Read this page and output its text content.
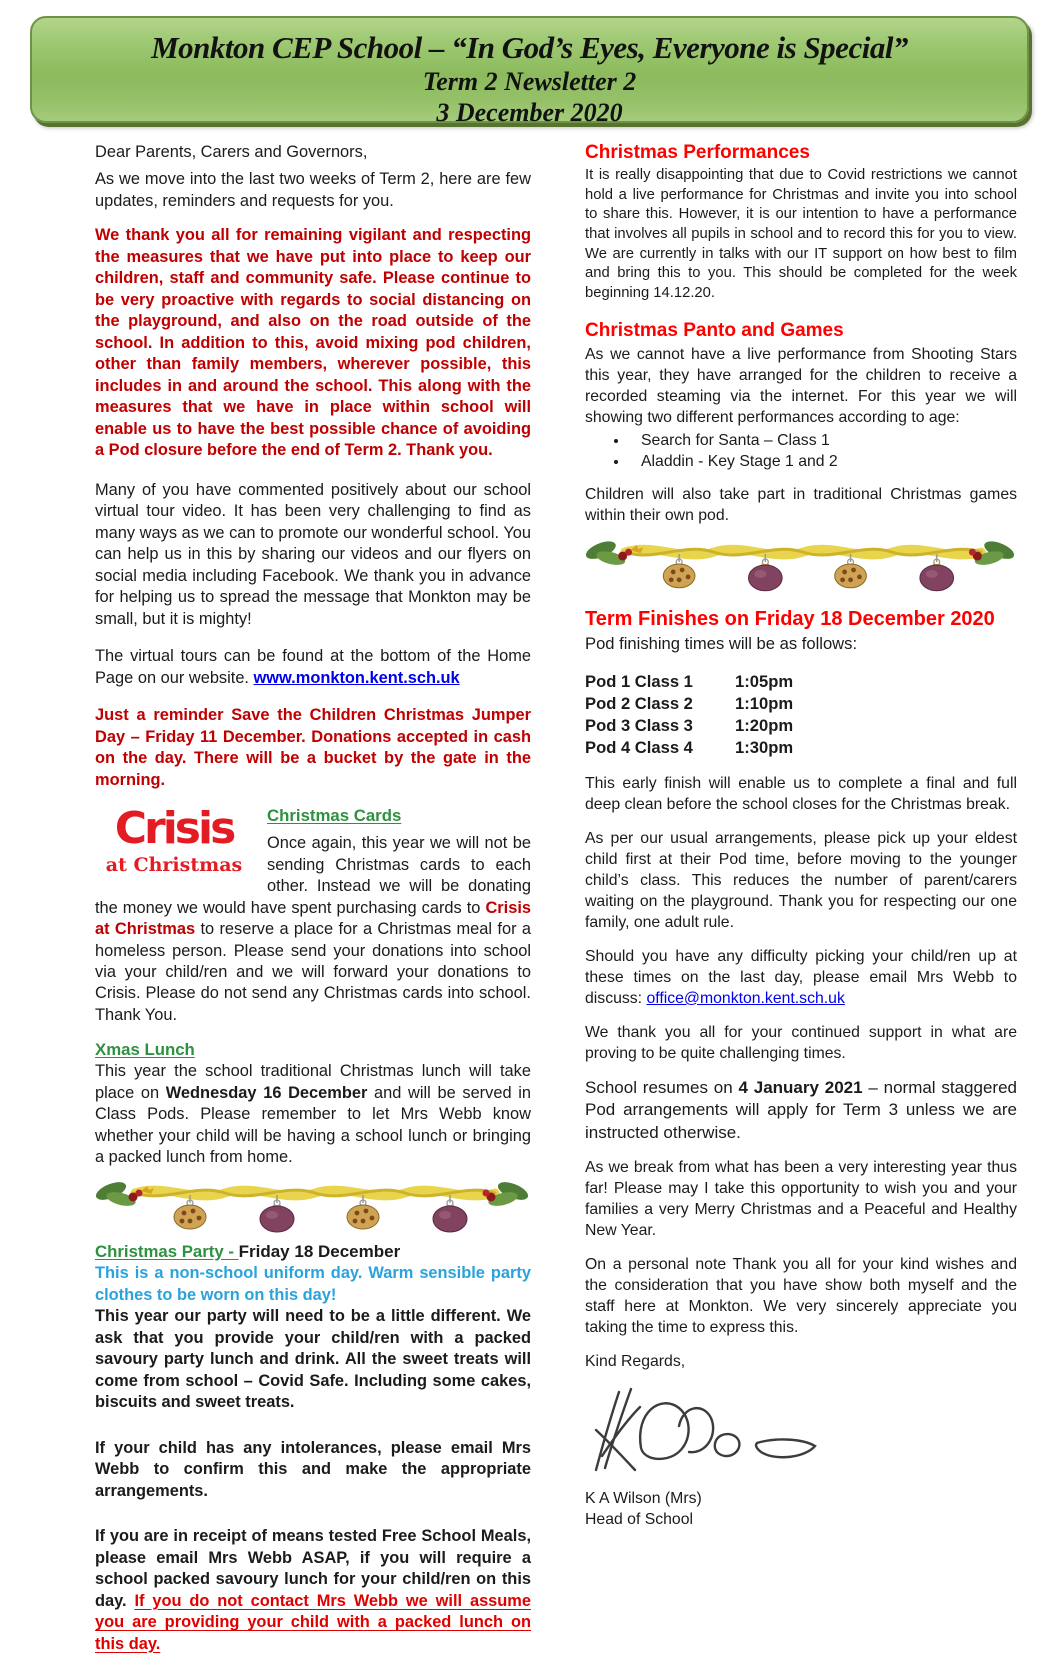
Monkton CEP School – “In God’s Eyes, Everyone is Special”
Term 2 Newsletter 2
3 December 2020

Dear Parents, Carers and Governors,

As we move into the last two weeks of Term 2, here are few updates, reminders and requests for you.

We thank you all for remaining vigilant and respecting the measures that we have put into place to keep our children, staff and community safe. Please continue to be very proactive with regards to social distancing on the playground, and also on the road outside of the school. In addition to this, avoid mixing pod children, other than family members, wherever possible, this includes in and around the school. This along with the measures that we have in place within school will enable us to have the best possible chance of avoiding a Pod closure before the end of Term 2. Thank you.

Many of you have commented positively about our school virtual tour video. It has been very challenging to find as many ways as we can to promote our wonderful school. You can help us in this by sharing our videos and our flyers on social media including Facebook. We thank you in advance for helping us to spread the message that Monkton may be small, but it is mighty!

The virtual tours can be found at the bottom of the Home Page on our website. www.monkton.kent.sch.uk

Just a reminder Save the Children Christmas Jumper Day – Friday 11 December. Donations accepted in cash on the day. There will be a bucket by the gate in the morning.

Crisis
at Christmas

Christmas Cards

Once again, this year we will not be sending Christmas cards to each other. Instead we will be donating the money we would have spent purchasing cards to Crisis at Christmas to reserve a place for a Christmas meal for a homeless person. Please send your donations into school via your child/ren and we will forward your donations to Crisis. Please do not send any Christmas cards into school. Thank You.

Xmas Lunch

This year the school traditional Christmas lunch will take place on Wednesday 16 December and will be served in Class Pods. Please remember to let Mrs Webb know whether your child will be having a school lunch or bringing a packed lunch from home.

Christmas Party - Friday 18 December

This is a non-school uniform day. Warm sensible party clothes to be worn on this day!

This year our party will need to be a little different. We ask that you provide your child/ren with a packed savoury party lunch and drink. All the sweet treats will come from school – Covid Safe. Including some cakes, biscuits and sweet treats.

If your child has any intolerances, please email Mrs Webb to confirm this and make the appropriate arrangements.

If you are in receipt of means tested Free School Meals, please email Mrs Webb ASAP, if you will require a school packed savoury lunch for your child/ren on this day. If you do not contact Mrs Webb we will assume you are providing your child with a packed lunch on this day.

Christmas Performances

It is really disappointing that due to Covid restrictions we cannot hold a live performance for Christmas and invite you into school to share this. However, it is our intention to have a performance that involves all pupils in school and to record this for you to view. We are currently in talks with our IT support on how best to film and bring this to you. This should be completed for the week beginning 14.12.20.

Christmas Panto and Games

As we cannot have a live performance from Shooting Stars this year, they have arranged for the children to receive a recorded steaming via the internet. For this year we will showing two different performances according to age:

• Search for Santa – Class 1
• Aladdin - Key Stage 1 and 2

Children will also take part in traditional Christmas games within their own pod.

Term Finishes on Friday 18 December 2020

Pod finishing times will be as follows:

Pod 1 Class 1	1:05pm
Pod 2 Class 2	1:10pm
Pod 3 Class 3	1:20pm
Pod 4 Class 4	1:30pm

This early finish will enable us to complete a final and full deep clean before the school closes for the Christmas break.

As per our usual arrangements, please pick up your eldest child first at their Pod time, before moving to the younger child’s class. This reduces the number of parent/carers waiting on the playground. Thank you for respecting our one family, one adult rule.

Should you have any difficulty picking your child/ren up at these times on the last day, please email Mrs Webb to discuss: office@monkton.kent.sch.uk

We thank you all for your continued support in what are proving to be quite challenging times.

School resumes on 4 January 2021 – normal staggered Pod arrangements will apply for Term 3 unless we are instructed otherwise.

As we break from what has been a very interesting year thus far! Please may I take this opportunity to wish you and your families a very Merry Christmas and a Peaceful and Healthy New Year.

On a personal note Thank you all for your kind wishes and the consideration that you have show both myself and the staff here at Monkton. We very sincerely appreciate you taking the time to express this.

Kind Regards,

K A Wilson (Mrs)

Head of School
